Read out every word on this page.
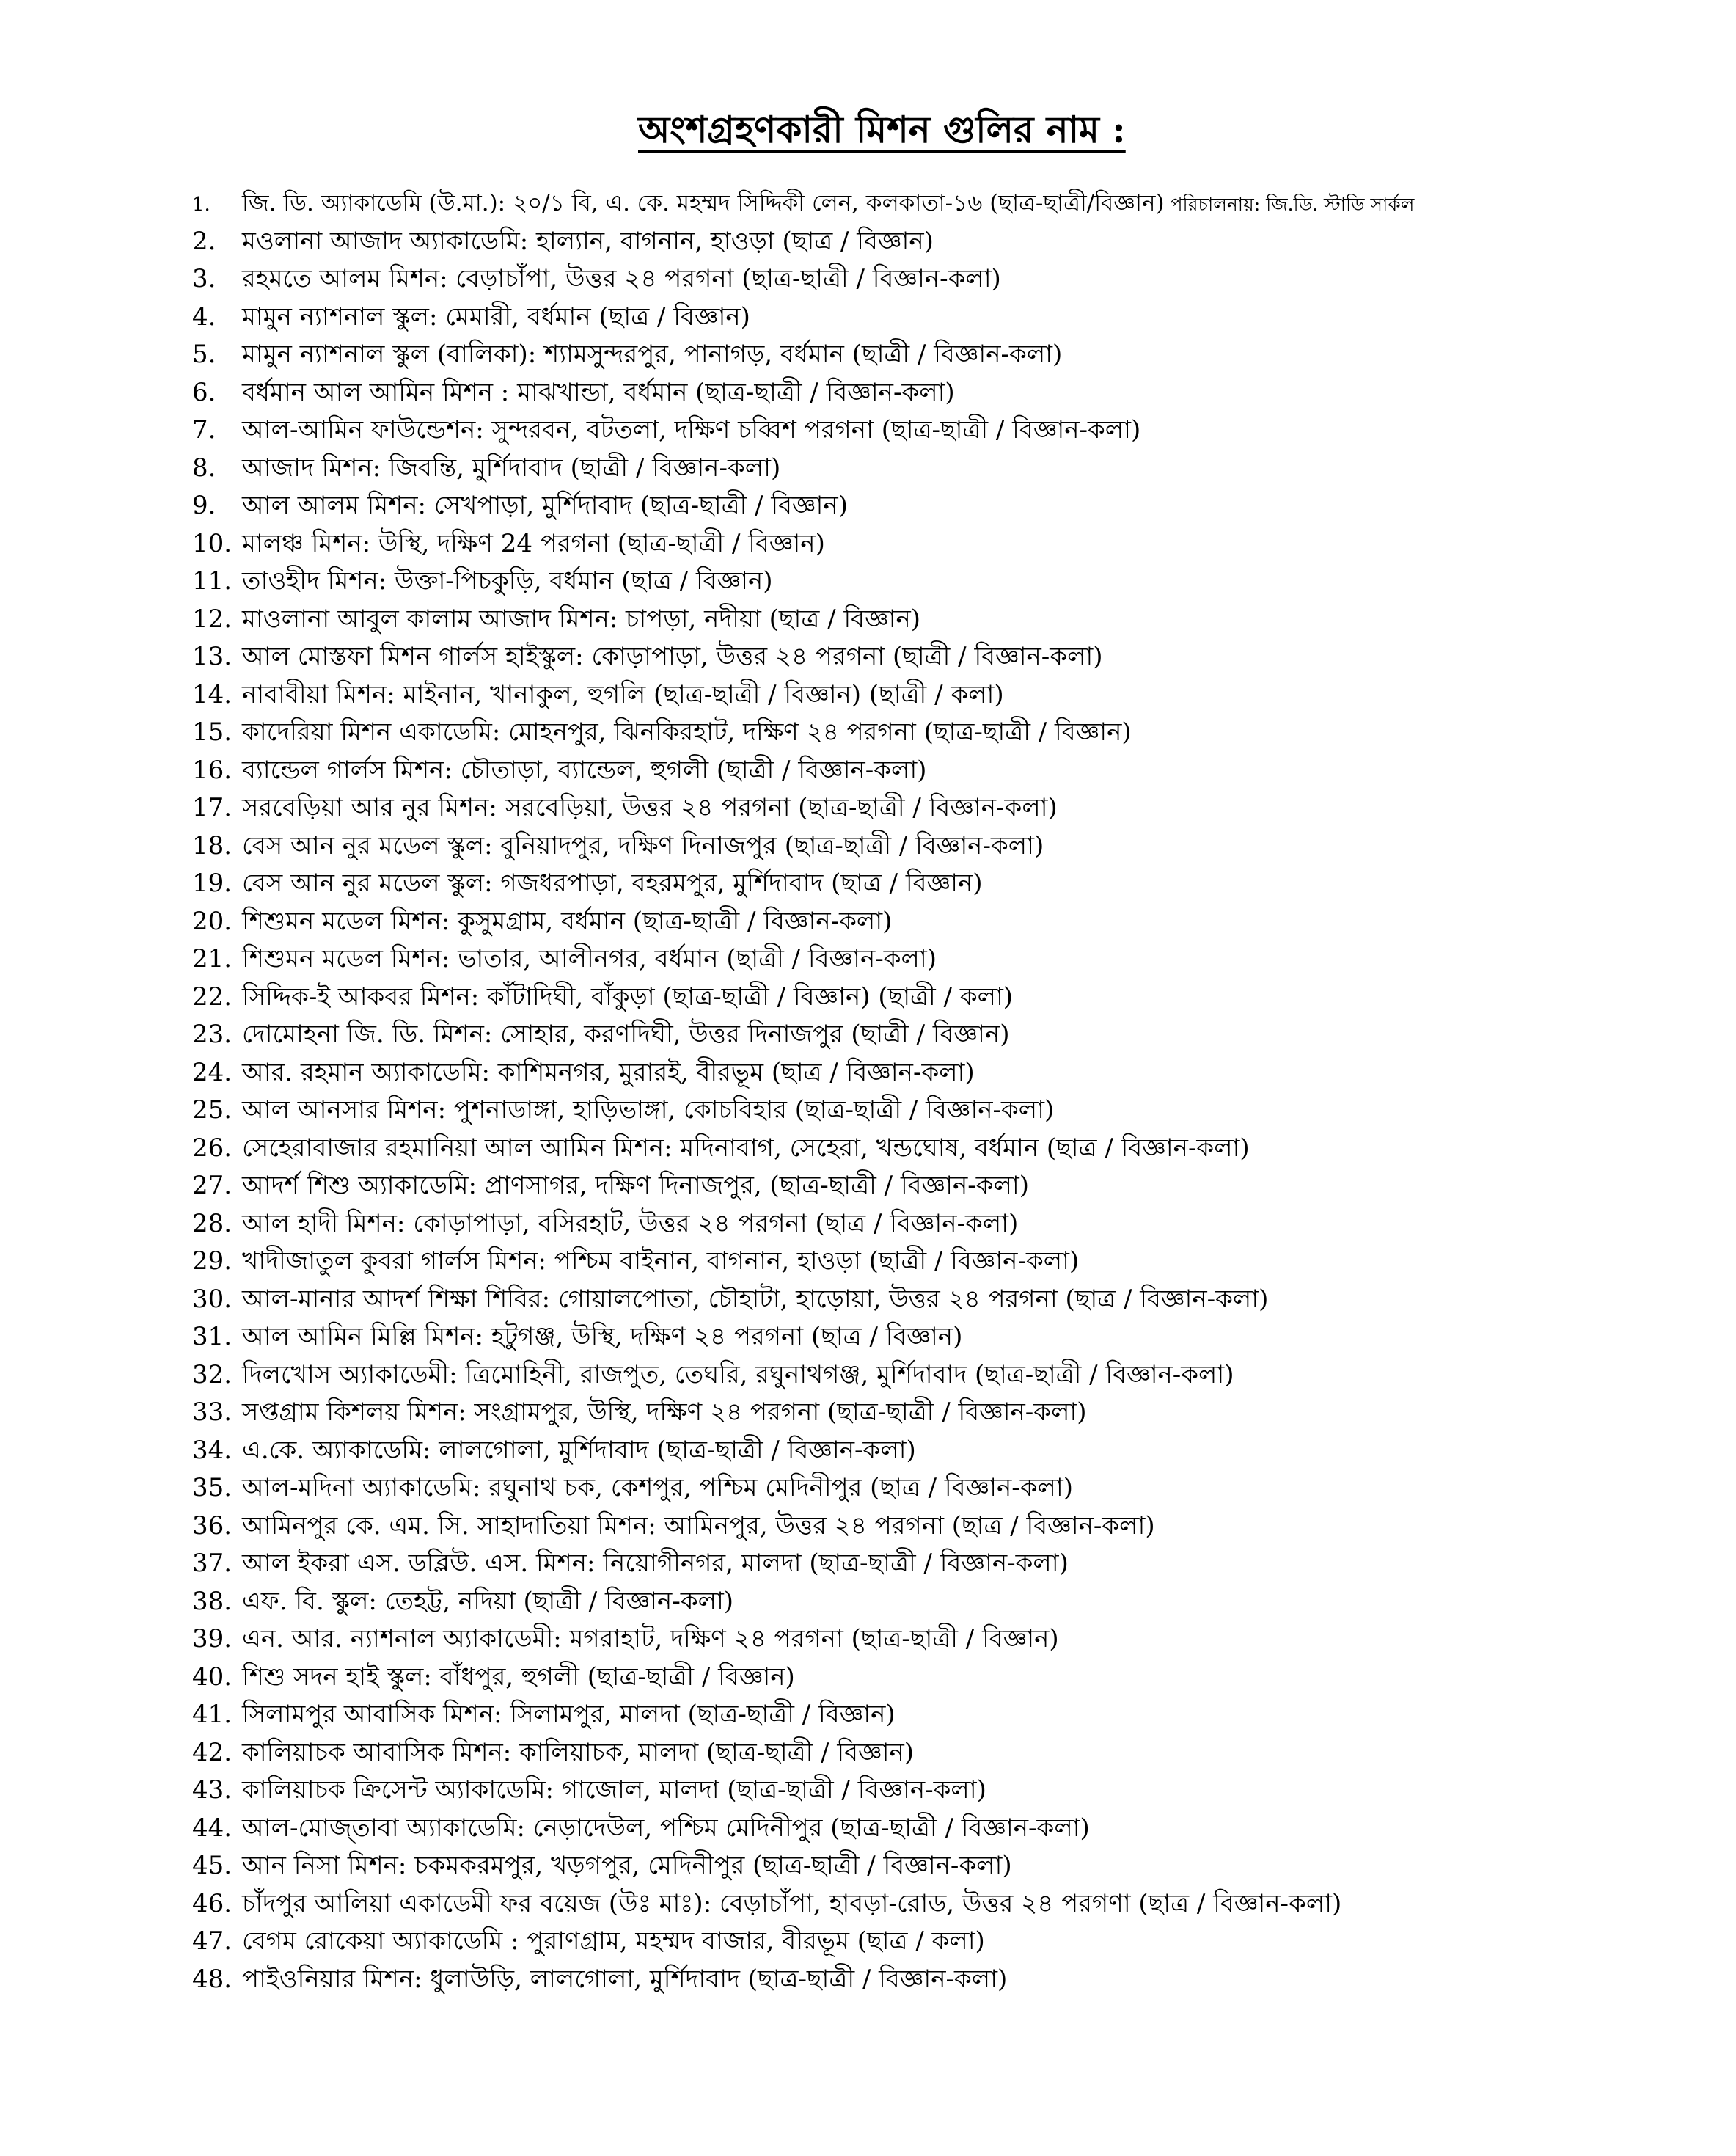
অংশগ্রহণকারী মিশন গুলির নাম :
1.	জি. ডি. অ্যাকাডেমি (উ.মা.): ২০/১ বি, এ. কে. মহম্মদ সিদ্দিকী লেন, কলকাতা-১৬ (ছাত্র-ছাত্রী/বিজ্ঞান) পরিচালনায়: জি.ডি. স্টাডি সার্কল
2.	মওলানা আজাদ অ্যাকাডেমি: হাল্যান, বাগনান, হাওড়া (ছাত্র / বিজ্ঞান)
3.	রহমতে আলম মিশন: বেড়াচাঁপা, উত্তর ২৪ পরগনা (ছাত্র-ছাত্রী / বিজ্ঞান-কলা)
4.	মামুন ন্যাশনাল স্কুল: মেমারী, বর্ধমান (ছাত্র / বিজ্ঞান)
5.	মামুন ন্যাশনাল স্কুল (বালিকা): শ্যামসুন্দরপুর, পানাগড়, বর্ধমান (ছাত্রী / বিজ্ঞান-কলা)
6.	বর্ধমান আল আমিন মিশন : মাঝখান্ডা, বর্ধমান (ছাত্র-ছাত্রী / বিজ্ঞান-কলা)
7.	আল-আমিন ফাউন্ডেশন: সুন্দরবন, বটতলা, দক্ষিণ চব্বিশ পরগনা (ছাত্র-ছাত্রী / বিজ্ঞান-কলা)
8.	আজাদ মিশন: জিবন্তি, মুর্শিদাবাদ (ছাত্রী / বিজ্ঞান-কলা)
9.	আল আলম মিশন: সেখপাড়া, মুর্শিদাবাদ (ছাত্র-ছাত্রী / বিজ্ঞান)
10. মালঞ্চ মিশন: উস্থি, দক্ষিণ 24 পরগনা (ছাত্র-ছাত্রী / বিজ্ঞান)
11. তাওহীদ মিশন: উক্তা-পিচকুড়ি, বর্ধমান (ছাত্র / বিজ্ঞান)
12. মাওলানা আবুল কালাম আজাদ মিশন: চাপড়া, নদীয়া (ছাত্র / বিজ্ঞান)
13. আল মোস্তফা মিশন গার্লস হাইস্কুল: কোড়াপাড়া, উত্তর ২৪ পরগনা (ছাত্রী / বিজ্ঞান-কলা)
14. নাবাবীয়া মিশন: মাইনান, খানাকুল, হুগলি (ছাত্র-ছাত্রী / বিজ্ঞান) (ছাত্রী / কলা)
15. কাদেরিয়া মিশন একাডেমি: মোহনপুর, ঝিনকিরহাট, দক্ষিণ ২৪ পরগনা (ছাত্র-ছাত্রী / বিজ্ঞান)
16. ব্যান্ডেল গার্লস মিশন: চৌতাড়া, ব্যান্ডেল, হুগলী (ছাত্রী / বিজ্ঞান-কলা)
17. সরবেড়িয়া আর নুর মিশন: সরবেড়িয়া, উত্তর ২৪ পরগনা (ছাত্র-ছাত্রী / বিজ্ঞান-কলা)
18. বেস আন নুর মডেল স্কুল: বুনিয়াদপুর, দক্ষিণ দিনাজপুর (ছাত্র-ছাত্রী / বিজ্ঞান-কলা)
19. বেস আন নুর মডেল স্কুল: গজধরপাড়া, বহরমপুর, মুর্শিদাবাদ (ছাত্র / বিজ্ঞান)
20. শিশুমন মডেল মিশন: কুসুমগ্রাম, বর্ধমান (ছাত্র-ছাত্রী / বিজ্ঞান-কলা)
21. শিশুমন মডেল মিশন: ভাতার, আলীনগর, বর্ধমান (ছাত্রী / বিজ্ঞান-কলা)
22. সিদ্দিক-ই আকবর মিশন: কাঁটাদিঘী, বাঁকুড়া (ছাত্র-ছাত্রী / বিজ্ঞান) (ছাত্রী / কলা)
23. দোমোহনা জি. ডি. মিশন: সোহার, করণদিঘী, উত্তর দিনাজপুর (ছাত্রী / বিজ্ঞান)
24. আর. রহমান অ্যাকাডেমি: কাশিমনগর, মুরারই, বীরভূম (ছাত্র / বিজ্ঞান-কলা)
25. আল আনসার মিশন: পুশনাডাঙ্গা, হাড়িভাঙ্গা, কোচবিহার (ছাত্র-ছাত্রী / বিজ্ঞান-কলা)
26. সেহেরাবাজার রহমানিয়া আল আমিন মিশন: মদিনাবাগ, সেহেরা, খন্ডঘোষ, বর্ধমান (ছাত্র / বিজ্ঞান-কলা)
27. আদর্শ শিশু অ্যাকাডেমি: প্রাণসাগর, দক্ষিণ দিনাজপুর, (ছাত্র-ছাত্রী / বিজ্ঞান-কলা)
28. আল হাদী মিশন: কোড়াপাড়া, বসিরহাট, উত্তর ২৪ পরগনা (ছাত্র / বিজ্ঞান-কলা)
29. খাদীজাতুল কুবরা গার্লস মিশন: পশ্চিম বাইনান, বাগনান, হাওড়া (ছাত্রী / বিজ্ঞান-কলা)
30. আল-মানার আদর্শ শিক্ষা শিবির: গোয়ালপোতা, চৌহাটা, হাড়োয়া, উত্তর ২৪ পরগনা (ছাত্র / বিজ্ঞান-কলা)
31. আল আমিন মিল্লি মিশন: হটুগঞ্জ, উস্থি, দক্ষিণ ২৪ পরগনা (ছাত্র / বিজ্ঞান)
32. দিলখোস অ্যাকাডেমী: ত্রিমোহিনী, রাজপুত, তেঘরি, রঘুনাথগঞ্জ, মুর্শিদাবাদ (ছাত্র-ছাত্রী / বিজ্ঞান-কলা)
33. সপ্তগ্রাম কিশলয় মিশন: সংগ্রামপুর, উস্থি, দক্ষিণ ২৪ পরগনা (ছাত্র-ছাত্রী / বিজ্ঞান-কলা)
34. এ.কে. অ্যাকাডেমি: লালগোলা, মুর্শিদাবাদ (ছাত্র-ছাত্রী / বিজ্ঞান-কলা)
35. আল-মদিনা অ্যাকাডেমি: রঘুনাথ চক, কেশপুর, পশ্চিম মেদিনীপুর (ছাত্র / বিজ্ঞান-কলা)
36. আমিনপুর কে. এম. সি. সাহাদাতিয়া মিশন: আমিনপুর, উত্তর ২৪ পরগনা (ছাত্র / বিজ্ঞান-কলা)
37. আল ইকরা এস. ডব্লিউ. এস. মিশন: নিয়োগীনগর, মালদা (ছাত্র-ছাত্রী / বিজ্ঞান-কলা)
38. এফ. বি. স্কুল: তেহট্ট, নদিয়া (ছাত্রী / বিজ্ঞান-কলা)
39. এন. আর. ন্যাশনাল অ্যাকাডেমী: মগরাহাট, দক্ষিণ ২৪ পরগনা (ছাত্র-ছাত্রী / বিজ্ঞান)
40. শিশু সদন হাই স্কুল: বাঁধপুর, হুগলী (ছাত্র-ছাত্রী / বিজ্ঞান)
41. সিলামপুর আবাসিক মিশন: সিলামপুর, মালদা (ছাত্র-ছাত্রী / বিজ্ঞান)
42. কালিয়াচক আবাসিক মিশন: কালিয়াচক, মালদা (ছাত্র-ছাত্রী / বিজ্ঞান)
43. কালিয়াচক ক্রিসেন্ট অ্যাকাডেমি: গাজোল, মালদা (ছাত্র-ছাত্রী / বিজ্ঞান-কলা)
44. আল-মোজ্তাবা অ্যাকাডেমি: নেড়াদেউল, পশ্চিম মেদিনীপুর (ছাত্র-ছাত্রী / বিজ্ঞান-কলা)
45. আন নিসা মিশন: চকমকরমপুর, খড়গপুর, মেদিনীপুর (ছাত্র-ছাত্রী / বিজ্ঞান-কলা)
46. চাঁদপুর আলিয়া একাডেমী ফর বয়েজ (উঃ মাঃ): বেড়াচাঁপা, হাবড়া-রোড, উত্তর ২৪ পরগণা (ছাত্র / বিজ্ঞান-কলা)
47. বেগম রোকেয়া অ্যাকাডেমি : পুরাণগ্রাম, মহম্মদ বাজার, বীরভূম (ছাত্র / কলা)
48. পাইওনিয়ার মিশন: ধুলাউড়ি, লালগোলা, মুর্শিদাবাদ (ছাত্র-ছাত্রী / বিজ্ঞান-কলা)
